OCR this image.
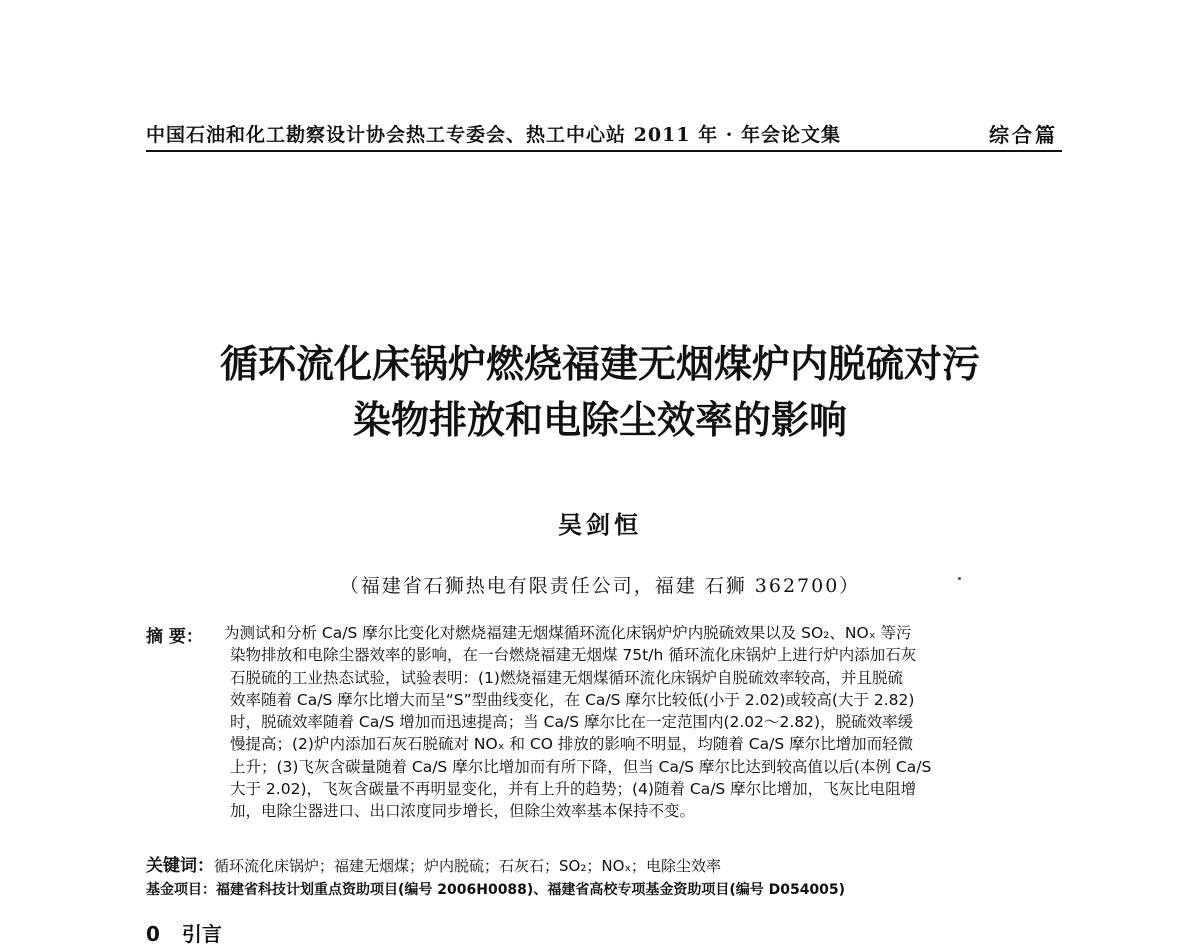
中国石油和化工勘察设计协会热工专委会、热工中心站 2011 年 · 年会论文集	综合篇
循环流化床锅炉燃烧福建无烟煤炉内脱硫对污
染物排放和电除尘效率的影响
吴剑恒
（福建省石狮热电有限责任公司，福建 石狮 362700）
摘 要： 为测试和分析 Ca/S 摩尔比变化对燃烧福建无烟煤循环流化床锅炉炉内脱硫效果以及 SO₂、NOₓ 等污
染物排放和电除尘器效率的影响，在一台燃烧福建无烟煤 75t/h 循环流化床锅炉上进行炉内添加石灰
石脱硫的工业热态试验，试验表明：(1)燃烧福建无烟煤循环流化床锅炉自脱硫效率较高，并且脱硫
效率随着 Ca/S 摩尔比增大而呈“S”型曲线变化，在 Ca/S 摩尔比较低(小于 2.02)或较高(大于 2.82)
时，脱硫效率随着 Ca/S 增加而迅速提高；当 Ca/S 摩尔比在一定范围内(2.02～2.82)，脱硫效率缓
慢提高；(2)炉内添加石灰石脱硫对 NOₓ 和 CO 排放的影响不明显，均随着 Ca/S 摩尔比增加而轻微
上升；(3)飞灰含碳量随着 Ca/S 摩尔比增加而有所下降，但当 Ca/S 摩尔比达到较高值以后(本例 Ca/S
大于 2.02)，飞灰含碳量不再明显变化，并有上升的趋势；(4)随着 Ca/S 摩尔比增加，飞灰比电阻增
加，电除尘器进口、出口浓度同步增长，但除尘效率基本保持不变。
关键词：循环流化床锅炉；福建无烟煤；炉内脱硫；石灰石；SO₂；NOₓ；电除尘效率
基金项目：福建省科技计划重点资助项目(编号 2006H0088)、福建省高校专项基金资助项目(编号 D054005)
0 引言
